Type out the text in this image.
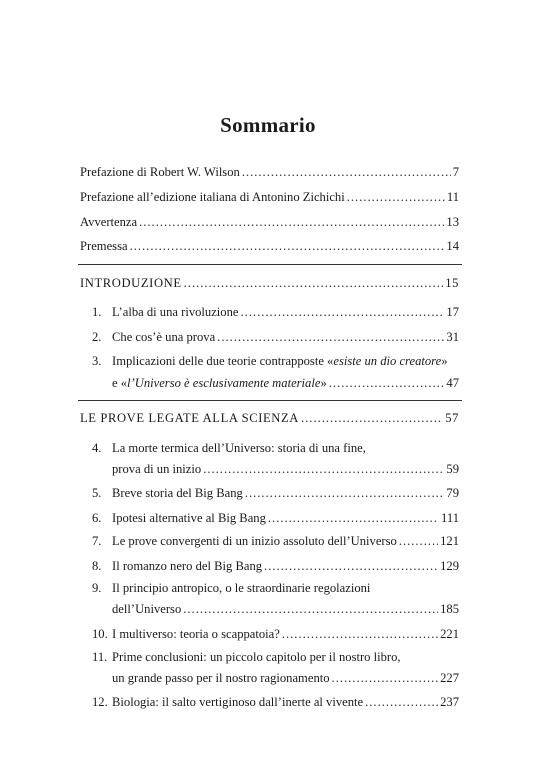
Sommario
Prefazione di Robert W. Wilson .....	7
Prefazione all’edizione italiana di Antonino Zichichi .....	11
Avvertenza .....	13
Premessa .....	14
INTRODUZIONE .....	15
1. L’alba di una rivoluzione .....	17
2. Che cos’è una prova .....	31
3. Implicazioni delle due teorie contrapposte «esiste un dio creatore»
e «l’Universo è esclusivamente materiale» .....	47
LE PROVE LEGATE ALLA SCIENZA .....	57
4. La morte termica dell’Universo: storia di una fine,
prova di un inizio .....	59
5. Breve storia del Big Bang .....	79
6. Ipotesi alternative al Big Bang .....	111
7. Le prove convergenti di un inizio assoluto dell’Universo .....	121
8. Il romanzo nero del Big Bang .....	129
9. Il principio antropico, o le straordinarie regolazioni
dell’Universo .....	185
10. I multiverso: teoria o scappatoia? .....	221
11. Prime conclusioni: un piccolo capitolo per il nostro libro,
un grande passo per il nostro ragionamento .....	227
12. Biologia: il salto vertiginoso dall’inerte al vivente .....	237
